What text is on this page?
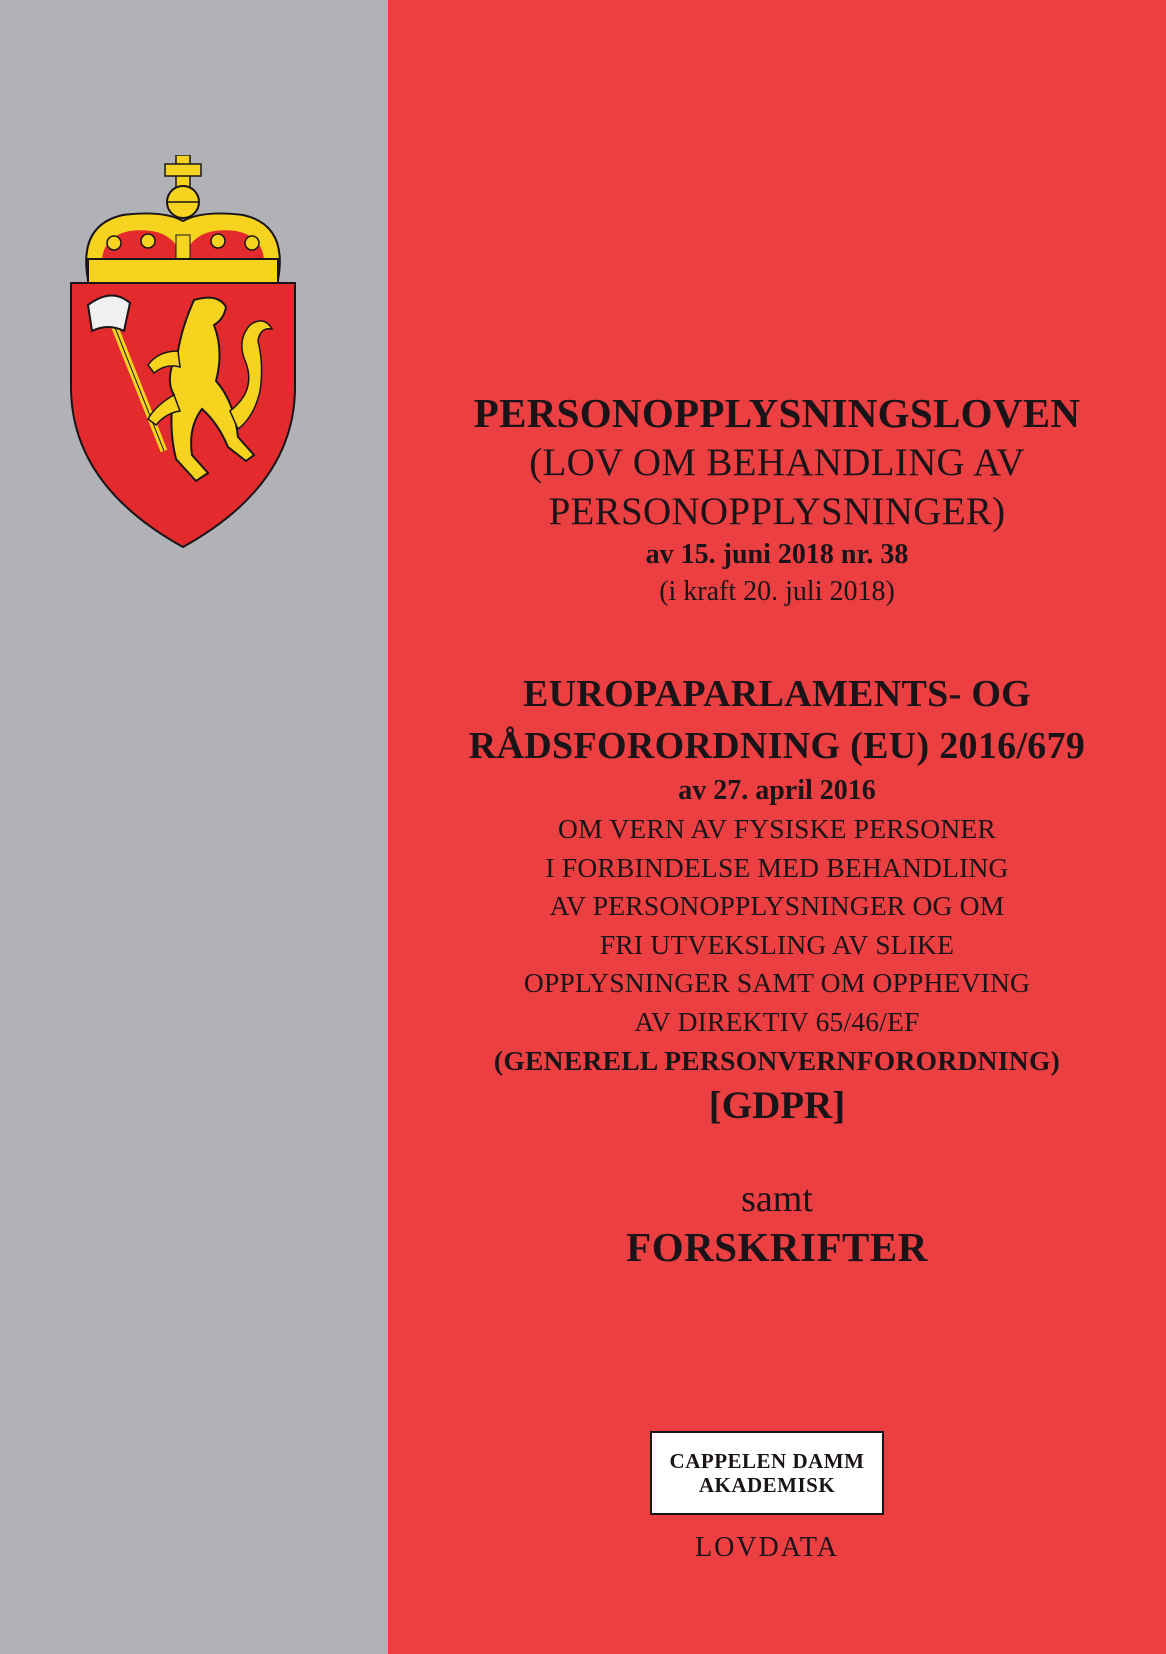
PERSONOPPLYSNINGSLOVEN
(LOV OM BEHANDLING AV
PERSONOPPLYSNINGER)
av 15. juni 2018 nr. 38
(i kraft 20. juli 2018)
EUROPAPARLAMENTS- OG
RÅDSFORORDNING (EU) 2016/679
av 27. april 2016
OM VERN AV FYSISKE PERSONER
I FORBINDELSE MED BEHANDLING
AV PERSONOPPLYSNINGER OG OM
FRI UTVEKSLING AV SLIKE
OPPLYSNINGER SAMT OM OPPHEVING
AV DIREKTIV 65/46/EF
(GENERELL PERSONVERNFORORDNING)
[GDPR]
samt
FORSKRIFTER
CAPPELEN DAMM
AKADEMISK
LOVDATA
